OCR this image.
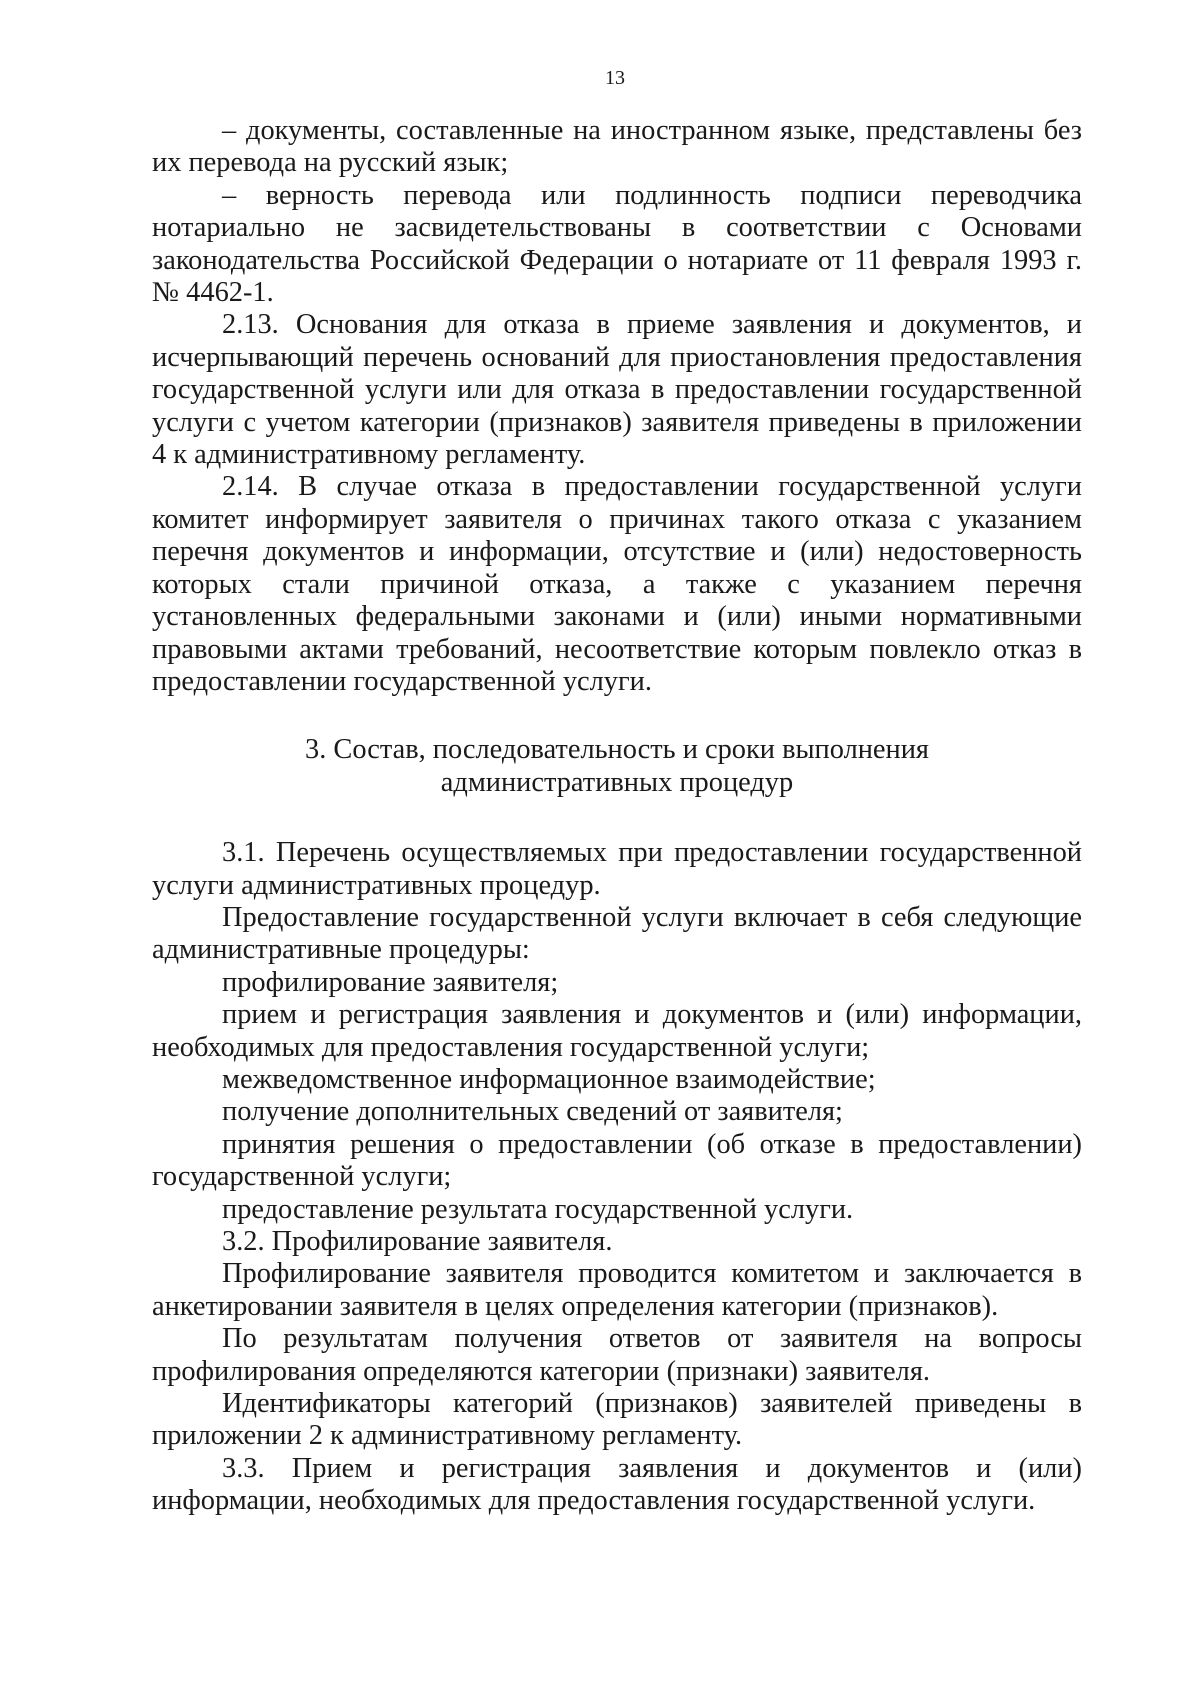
13

– документы, составленные на иностранном языке, представлены без их перевода на русский язык;

– верность перевода или подлинность подписи переводчика нотариально не засвидетельствованы в соответствии с Основами законодательства Российской Федерации о нотариате от 11 февраля 1993 г. № 4462-1.

2.13. Основания для отказа в приеме заявления и документов, и исчерпывающий перечень оснований для приостановления предоставления государственной услуги или для отказа в предоставлении государственной услуги с учетом категории (признаков) заявителя приведены в приложении 4 к административному регламенту.

2.14. В случае отказа в предоставлении государственной услуги комитет информирует заявителя о причинах такого отказа с указанием перечня документов и информации, отсутствие и (или) недостоверность которых стали причиной отказа, а также с указанием перечня установленных федеральными законами и (или) иными нормативными правовыми актами требований, несоответствие которым повлекло отказ в предоставлении государственной услуги.

3. Состав, последовательность и сроки выполнения

административных процедур

3.1. Перечень осуществляемых при предоставлении государственной услуги административных процедур.

Предоставление государственной услуги включает в себя следующие административные процедуры:

профилирование заявителя;

прием и регистрация заявления и документов и (или) информации, необходимых для предоставления государственной услуги;

межведомственное информационное взаимодействие;

получение дополнительных сведений от заявителя;

принятия решения о предоставлении (об отказе в предоставлении) государственной услуги;

предоставление результата государственной услуги.

3.2. Профилирование заявителя.

Профилирование заявителя проводится комитетом и заключается в анкетировании заявителя в целях определения категории (признаков).

По результатам получения ответов от заявителя на вопросы профилирования определяются категории (признаки) заявителя.

Идентификаторы категорий (признаков) заявителей приведены в приложении 2 к административному регламенту.

3.3. Прием и регистрация заявления и документов и (или) информации, необходимых для предоставления государственной услуги.
